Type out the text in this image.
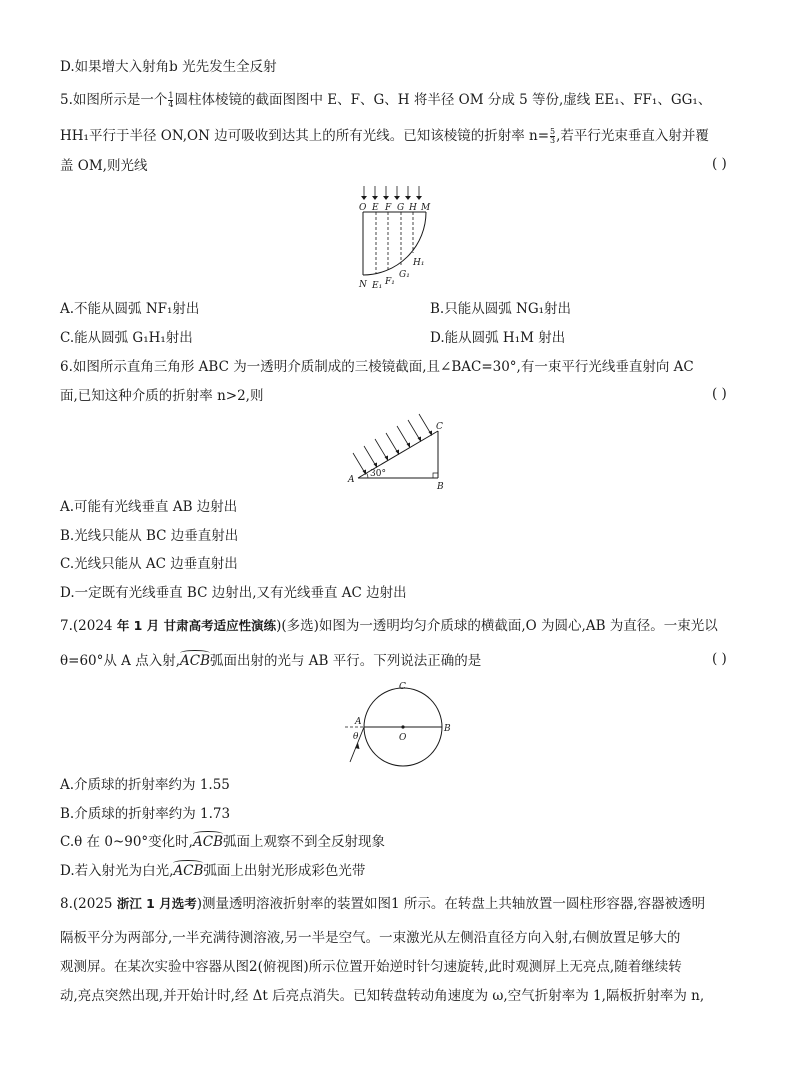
D.如果增大入射角b 光先发生全反射
5.如图所示是一个 $\frac{1}{4}$ 圆柱体棱镜的截面图图中 E、F、G、H 将半径 OM 分成 5 等份,虚线 EE₁、FF₁、GG₁、
HH₁平行于半径 ON,ON 边可吸收到达其上的所有光线。已知该棱镜的折射率 $n= \frac{5}{3}$ ,若平行光束垂直入射并覆
盖 OM,则光线	( )
O E F G H M
N E₁ F₁
G₁
H₁
A.不能从圆弧 NF₁射出	B.只能从圆弧 NG₁射出
C.能从圆弧 G₁H₁射出	D.能从圆弧 H₁M 射出
6.如图所示直角三角形 ABC 为一透明介质制成的三棱镜截面,且∠BAC=30°,有一束平行光线垂直射向 AC
面,已知这种介质的折射率 n>2,则	( )
A
B
C
30°
A.可能有光线垂直 AB 边射出
B.光线只能从 BC 边垂直射出
C.光线只能从 AC 边垂直射出
D.一定既有光线垂直 BC 边射出,又有光线垂直 AC 边射出
7.(2024 年 1 月 甘肃高考适应性演练)(多选)如图为一透明均匀介质球的横截面,O 为圆心,AB 为直径。一束光以
θ=60°从 A 点入射,ACB弧面出射的光与 AB 平行。下列说法正确的是	( )
C
A
θ	O
B
A.介质球的折射率约为 1.55
B.介质球的折射率约为 1.73
C.θ 在 0~90°变化时,ACB弧面上观察不到全反射现象
D.若入射光为白光,ACB弧面上出射光形成彩色光带
8.(2025 浙江 1 月选考)测量透明溶液折射率的装置如图1 所示。在转盘上共轴放置一圆柱形容器,容器被透明
隔板平分为两部分,一半充满待测溶液,另一半是空气。一束激光从左侧沿直径方向入射,右侧放置足够大的
观测屏。在某次实验中容器从图2(俯视图)所示位置开始逆时针匀速旋转,此时观测屏上无亮点,随着继续转
动,亮点突然出现,并开始计时,经 Δt 后亮点消失。已知转盘转动角速度为 ω,空气折射率为 1,隔板折射率为 n,
